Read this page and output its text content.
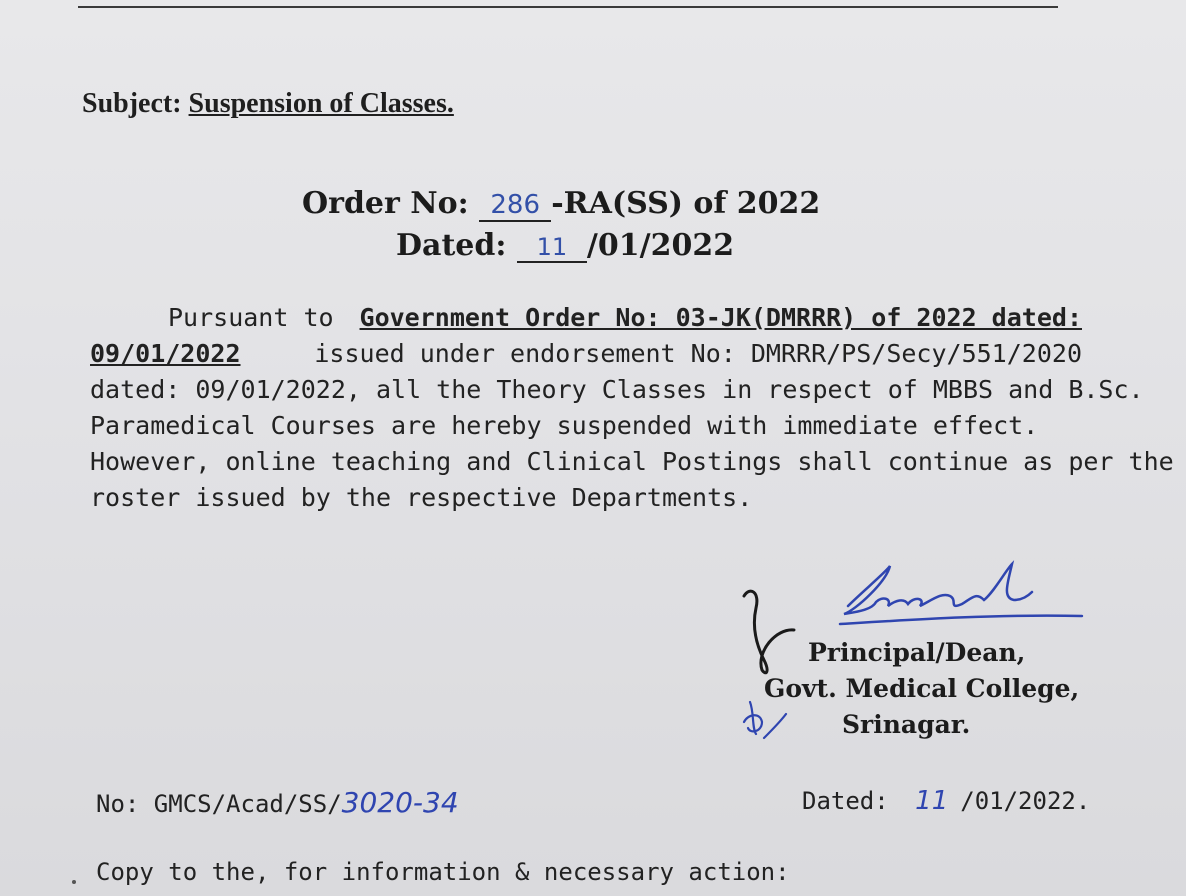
Subject: Suspension of Classes.
Order No: 286 -RA(SS) of 2022
Dated: 11 /01/2022
Pursuant to Government Order No: 03-JK(DMRRR) of 2022 dated:
09/01/2022	issued under endorsement No: DMRRR/PS/Secy/551/2020
dated: 09/01/2022, all the Theory Classes in respect of MBBS and B.Sc.
Paramedical Courses are hereby suspended with immediate effect.
However, online teaching and Clinical Postings shall continue as per the
roster issued by the respective Departments.
Principal/Dean,
Govt. Medical College,
Srinagar.
No: GMCS/Acad/SS/3020-34	Dated: 11 /01/2022.
Copy to the, for information & necessary action:
